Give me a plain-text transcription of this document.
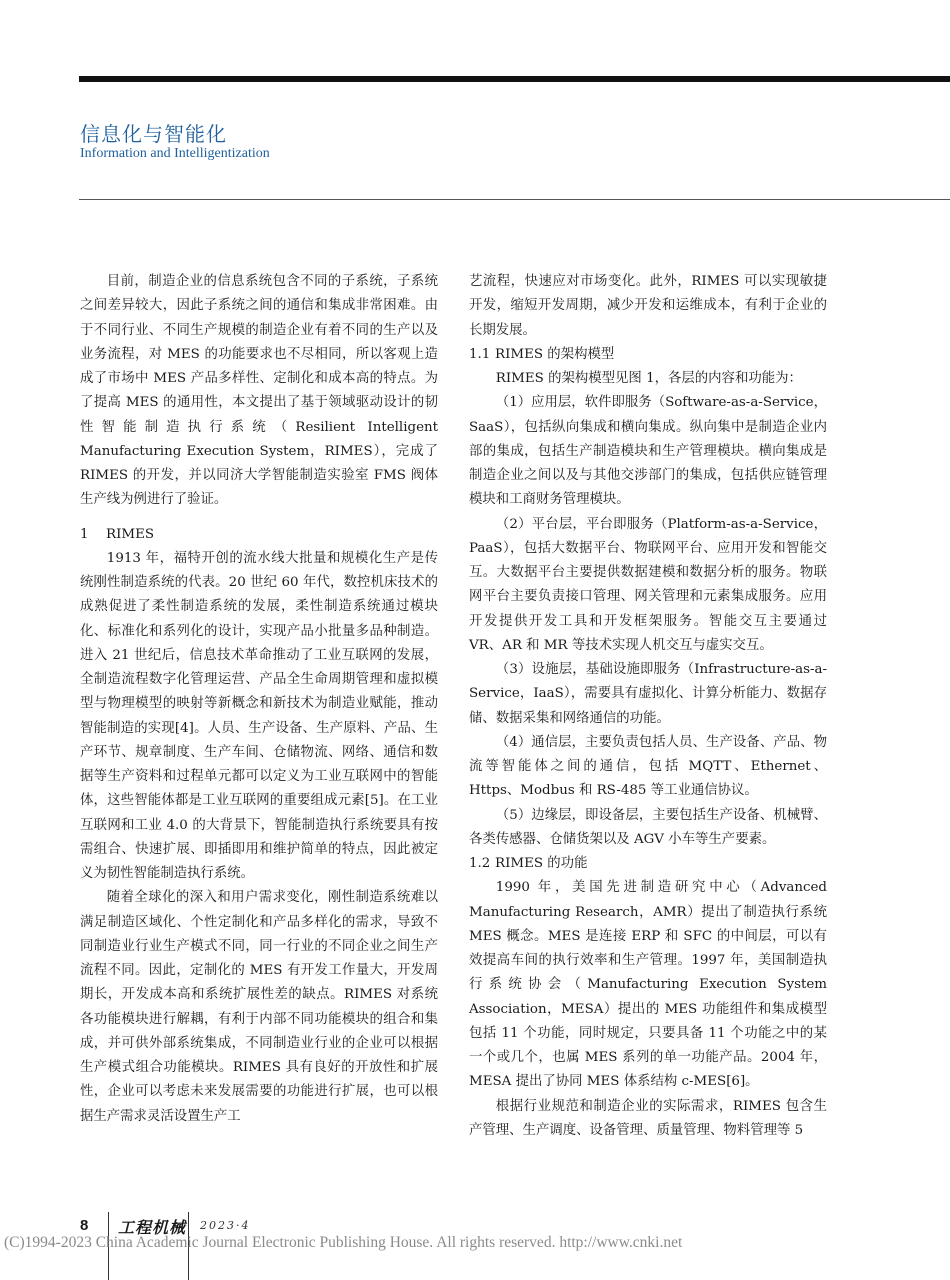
信息化与智能化
Information and Intelligentization

目前，制造企业的信息系统包含不同的子系统，子系统之间差异较大，因此子系统之间的通信和集成非常困难。由于不同行业、不同生产规模的制造企业有着不同的生产以及业务流程，对 MES 的功能要求也不尽相同，所以客观上造成了市场中 MES 产品多样性、定制化和成本高的特点。为了提高 MES 的通用性，本文提出了基于领域驱动设计的韧性智能制造执行系统（Resilient Intelligent Manufacturing Execution System，RIMES），完成了 RIMES 的开发，并以同济大学智能制造实验室 FMS 阀体生产线为例进行了验证。

1 RIMES

1913 年，福特开创的流水线大批量和规模化生产是传统刚性制造系统的代表。20 世纪 60 年代，数控机床技术的成熟促进了柔性制造系统的发展，柔性制造系统通过模块化、标准化和系列化的设计，实现产品小批量多品种制造。进入 21 世纪后，信息技术革命推动了工业互联网的发展，全制造流程数字化管理运营、产品全生命周期管理和虚拟模型与物理模型的映射等新概念和新技术为制造业赋能，推动智能制造的实现[4]。人员、生产设备、生产原料、产品、生产环节、规章制度、生产车间、仓储物流、网络、通信和数据等生产资料和过程单元都可以定义为工业互联网中的智能体，这些智能体都是工业互联网的重要组成元素[5]。在工业互联网和工业 4.0 的大背景下，智能制造执行系统要具有按需组合、快速扩展、即插即用和维护简单的特点，因此被定义为韧性智能制造执行系统。

随着全球化的深入和用户需求变化，刚性制造系统难以满足制造区域化、个性定制化和产品多样化的需求，导致不同制造业行业生产模式不同，同一行业的不同企业之间生产流程不同。因此，定制化的 MES 有开发工作量大，开发周期长，开发成本高和系统扩展性差的缺点。RIMES 对系统各功能模块进行解耦，有利于内部不同功能模块的组合和集成，并可供外部系统集成，不同制造业行业的企业可以根据生产模式组合功能模块。RIMES 具有良好的开放性和扩展性，企业可以考虑未来发展需要的功能进行扩展，也可以根据生产需求灵活设置生产工

艺流程，快速应对市场变化。此外，RIMES 可以实现敏捷开发，缩短开发周期，减少开发和运维成本，有利于企业的长期发展。

1.1 RIMES 的架构模型

RIMES 的架构模型见图 1，各层的内容和功能为：

（1）应用层，软件即服务（Software-as-a-Service，SaaS），包括纵向集成和横向集成。纵向集中是制造企业内部的集成，包括生产制造模块和生产管理模块。横向集成是制造企业之间以及与其他交涉部门的集成，包括供应链管理模块和工商财务管理模块。

（2）平台层，平台即服务（Platform-as-a-Service，PaaS），包括大数据平台、物联网平台、应用开发和智能交互。大数据平台主要提供数据建模和数据分析的服务。物联网平台主要负责接口管理、网关管理和元素集成服务。应用开发提供开发工具和开发框架服务。智能交互主要通过 VR、AR 和 MR 等技术实现人机交互与虚实交互。

（3）设施层，基础设施即服务（Infrastructure-as-a-Service，IaaS），需要具有虚拟化、计算分析能力、数据存储、数据采集和网络通信的功能。

（4）通信层，主要负责包括人员、生产设备、产品、物流等智能体之间的通信，包括 MQTT、Ethernet、Https、Modbus 和 RS-485 等工业通信协议。

（5）边缘层，即设备层，主要包括生产设备、机械臂、各类传感器、仓储货架以及 AGV 小车等生产要素。

1.2 RIMES 的功能

1990 年，美国先进制造研究中心（Advanced Manufacturing Research，AMR）提出了制造执行系统 MES 概念。MES 是连接 ERP 和 SFC 的中间层，可以有效提高车间的执行效率和生产管理。1997 年，美国制造执行系统协会（Manufacturing Execution System Association，MESA）提出的 MES 功能组件和集成模型包括 11 个功能，同时规定，只要具备 11 个功能之中的某一个或几个，也属 MES 系列的单一功能产品。2004 年，MESA 提出了协同 MES 体系结构 c-MES[6]。

根据行业规范和制造企业的实际需求，RIMES 包含生产管理、生产调度、设备管理、质量管理、物料管理等 5

8 工程机械 2023·4
(C)1994-2023 China Academic Journal Electronic Publishing House. All rights reserved. http://www.cnki.net
